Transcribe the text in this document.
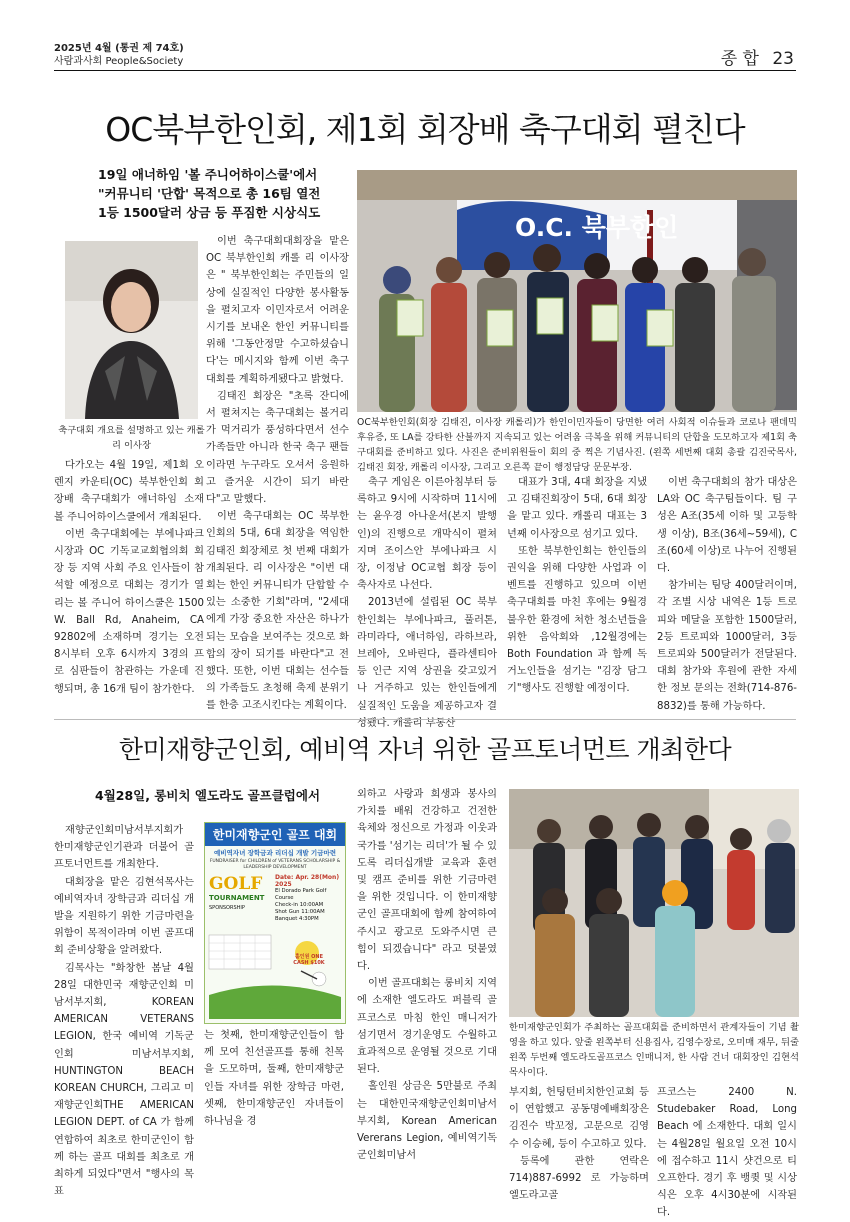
2025년 4월 (통권 제 74호)
사람과사회 People&Society	종 합 23
OC북부한인회, 제1회 회장배 축구대회 펼친다
19일 애너하임 '볼 주니어하이스쿨'에서
"커뮤니티 '단합' 목적으로 총 16팀 열전
1등 1500달러 상금 등 푸짐한 시상식도
축구대회 개요를 설명하고 있는 캐롤리 이사장
O.C. 북부한인
OC북부한인회(회장 김태진, 이사장 캐롤리)가 한인이민자들이 당면한 여러 사회적 이슈들과 코로나 팬데믹 후유증, 또 LA를 강타한 산불까지 지속되고 있는 어려움 극복을 위해 커뮤니티의 단합을 도모하고자 제1회 축구대회를 준비하고 있다. 사진은 준비위원들이 회의 중 찍은 기념사진. (왼쪽 세번째 대회 총괄 김진국목사, 김태진 회장, 캐롤리 이사장, 그리고 오른쪽 끝이 행정담당 문문부장.

다가오는 4월 19일, 제1회 오렌지 카운티(OC) 북부한인회 회장배 축구대회가 애너하임 소재 볼 주니어하이스쿨에서 개최된다.

이번 축구대회에는 부에나파크 시장과 OC 기독교교회협의회 회장 등 지역 사회 주요 인사들이 참석할 예정으로 대회는 경기가 열리는 볼 주니어 하이스쿨은 1500 W. Ball Rd, Anaheim, CA 92802에 소재하며 경기는 오전 8시부터 오후 6시까지 3경의 프로 심판들이 참관하는 가운데 진행되며, 총 16개 팀이 참가한다.

이번 축구대회대회장을 맡은 OC 북부한인회 캐롤 리 이사장은 " 북부한인회는 주민들의 일상에 실질적인 다양한 봉사활동을 펼치고자 이민자로서 어려운 시기를 보내온 한인 커뮤니티를 위해 '그동안정말 수고하셨습니다'는 메시지와 함께 이번 축구대회를 계획하게됐다고 밝혔다.

김태진 회장은 "초록 잔디에서 펼쳐지는 축구대회는 볼거리가 먹거리가 풍성하다면서 선수 가족들만 아니라 한국 축구 팬들이라면 누구라도 오셔서 응원하고 즐거운 시간이 되기 바란다"고 말했다.

이번 축구대회는 OC 북부한인회의 5대, 6대 회장을 역임한 김태진 회장체로 첫 번째 대회가 개최된다. 리 이사장은 "이번 대회는 한인 커뮤니티가 단합할 수 있는 소중한 기회"라며, "2세대에게 가장 중요한 자산은 하나가 되는 모습을 보여주는 것으로 화합의 장이 되기를 바란다"고 전했다. 또한, 이번 대회는 선수들의 가족들도 초청해 축제 분위기를 한층 고조시킨다는 계획이다.

축구 게임은 이른아침부터 등록하고 9시에 시작하며 11시에는 윤우경 아나운서(본지 발행인)의 진행으로 개막식이 펼쳐지며 조이스안 부에나파크 시장, 이정남 OC교협 회장 등이 축사자로 나선다.

2013년에 설립된 OC 북부한인회는 부에나파크, 풀러톤, 라미라다, 애너하임, 라하브라, 브레아, 오바린다, 플라센티아 등 인근 지역 상권을 갖고있거나 거주하고 있는 한인들에게 실질적인 도움을 제공하고자 결성됐다. 캐롤리 부통산

대표가 3대, 4대 회장을 지냈고 김태진회장이 5대, 6대 회장을 맡고 있다. 캐롤리 대표는 3년째 이사장으로 섬기고 있다.

또한 북부한인회는 한인들의 권익을 위해 다양한 사업과 이벤트를 진행하고 있으며 이번 축구대회를 마친 후에는 9월경 불우한 환경에 처한 청소년들을 위한 음악회와 ,12월경에는 Both Foundation 과 함께 독거노인들을 섬기는 "김장 담그기"행사도 진행할 예정이다.

이번 축구대회의 참가 대상은 LA와 OC 축구팀들이다. 팀 구성은 A조(35세 이하 및 고등학생 이상), B조(36세~59세), C조(60세 이상)로 나누어 진행된다.

참가비는 팀당 400달러이며, 각 조별 시상 내역은 1등 트로피와 메달을 포함한 1500달러, 2등 트로피와 1000달러, 3등 트로피와 500달러가 전달된다. 대회 참가와 후원에 관한 자세한 정보 문의는 전화(714-876-8832)를 통해 가능하다.

한미재향군인회, 예비역 자녀 위한 골프토너먼트 개최한다
4월28일, 롱비치 엘도라도 골프클럽에서

재향군인회미남서부지회가 한미재향군인기관과 더불어 골프토너먼트를 개최한다.

대회장을 맡은 김현석목사는 예비역자녀 장학금과 리더십 개발을 지원하기 위한 기금마련을 위함이 목적이라며 이번 골프대회 준비상황을 알려왔다.

김목사는 "화창한 봄날 4월 28일 대한민국 재향군인회 미남서부지회, KOREAN AMERICAN VETERANS LEGION, 한국 예비역 기독군인회 미남서부지회, HUNTINGTON BEACH KOREAN CHURCH, 그리고 미 재향군인회THE AMERICAN LEGION DEPT. of CA 가 함께 연합하여 최초로 한미군인이 함께 하는 골프 대회를 최초로 개최하게 되었다"면서 "행사의 목표

한미재향군인 골프 대회
예비역자녀 장학금과 리더십 개발 기금마련
FUNDRAISER for CHILDREN of VETERANS SCHOLARSHIP & LEADERSHIP DEVELOPMENT
GOLF
TOURNAMENT
SPONSORSHIP
Date: Apr. 28(Mon) 2025
El Dorado Park Golf Course
Check-in 10:00AM
Shot Gun 11:00AM
Banquet 4:30PM
홀인원 ONE CASH $10K

는 첫째, 한미재향군인들이 함께 모여 친선골프를 통해 친목을 도모하며, 둘째, 한미재향군인들 자녀를 위한 장학금 마련, 셋째, 한미재향군인 자녀들이 하나님을 경

외하고 사랑과 희생과 봉사의 가치를 배워 건강하고 건전한 육체와 정신으로 가정과 이웃과 국가를 '섬기는 리더'가 될 수 있도록 리더십개발 교육과 훈련 및 캠프 준비를 위한 기금마련을 위한 것입니다. 이 한미재향군인 골프대회에 함께 참여하여 주시고 광고로 도와주시면 큰 힘이 되겠습니다" 라고 덧붙였다.

이번 골프대회는 롱비치 지역에 소재한 엘도라도 퍼블릭 골프코스로 마침 한인 매니저가 섬기면서 경기운영도 수월하고 효과적으로 운영될 것으로 기대된다.

홀인원 상금은 5만불로 주최는 대한민국재향군인회미남서부지회, Korean American Vererans Legion, 예비역기독군인회미남서

한미재향군인회가 주최하는 골프대회를 준비하면서 관계자들이 기념 촬영을 하고 있다. 앞줄 왼쪽부터 신용집사, 김영수장로, 오미매 재무, 뒤줄 왼쪽 두번째 엘도라도골프코스 인매니저, 한 사람 건너 대회장인 김현석목사이다.

부지회, 헌팅턴비치한인교회 등이 연합했고 공동명예배회장은 김진수 박꼬정, 고문으로 김영수 이승혜, 등이 수고하고 있다.

등록에 관한 연락은 714)887-6992 로 가능하며 엘도라고골

프코스는 2400 N. Studebaker Road, Long Beach 에 소재한다. 대회 일시는 4월28일 월요일 오전 10시에 접수하고 11시 샷건으로 티오프한다. 경기 후 뱅큇 및 시상식은 오후 4시30분에 시작된다.
